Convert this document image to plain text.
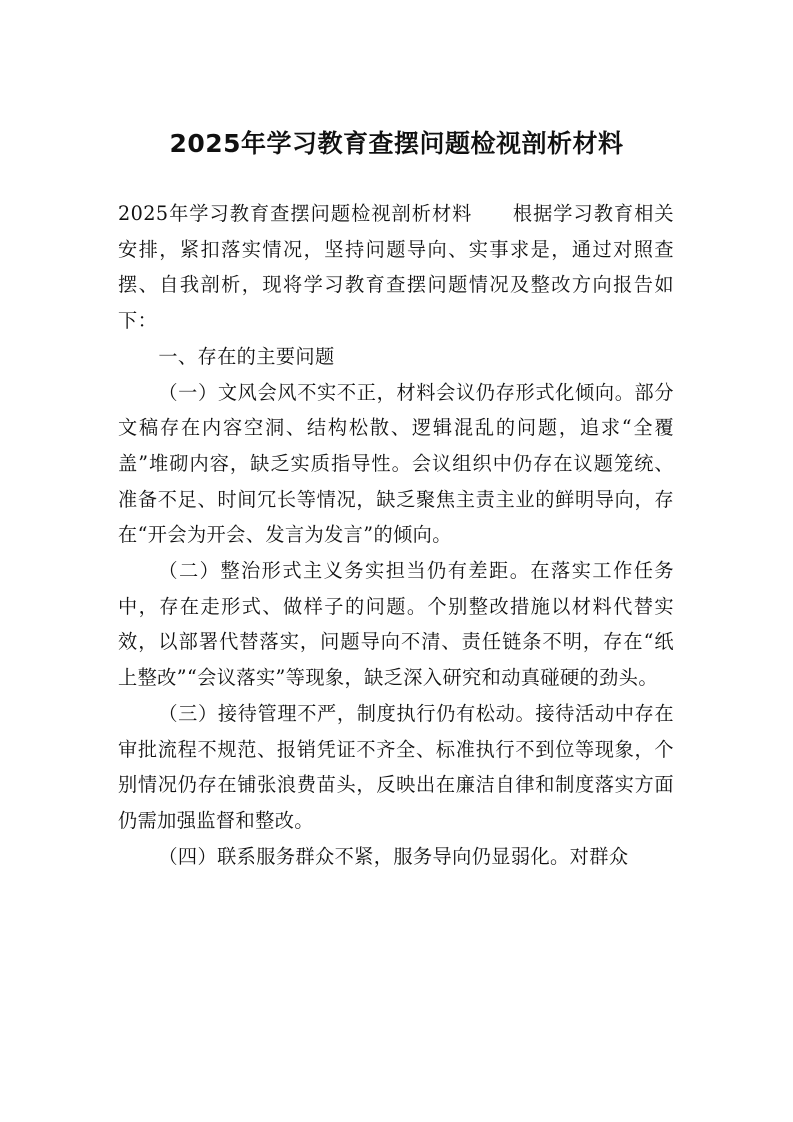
2025年学习教育查摆问题检视剖析材料

2025年学习教育查摆问题检视剖析材料　　根据学习教育相关安排，紧扣落实情况，坚持问题导向、实事求是，通过对照查摆、自我剖析，现将学习教育查摆问题情况及整改方向报告如下：

一、存在的主要问题

（一）文风会风不实不正，材料会议仍存形式化倾向。部分文稿存在内容空洞、结构松散、逻辑混乱的问题，追求“全覆盖”堆砌内容，缺乏实质指导性。会议组织中仍存在议题笼统、准备不足、时间冗长等情况，缺乏聚焦主责主业的鲜明导向，存在“开会为开会、发言为发言”的倾向。

（二）整治形式主义务实担当仍有差距。在落实工作任务中，存在走形式、做样子的问题。个别整改措施以材料代替实效，以部署代替落实，问题导向不清、责任链条不明，存在“纸上整改”“会议落实”等现象，缺乏深入研究和动真碰硬的劲头。

（三）接待管理不严，制度执行仍有松动。接待活动中存在审批流程不规范、报销凭证不齐全、标准执行不到位等现象，个别情况仍存在铺张浪费苗头，反映出在廉洁自律和制度落实方面仍需加强监督和整改。

（四）联系服务群众不紧，服务导向仍显弱化。对群众
